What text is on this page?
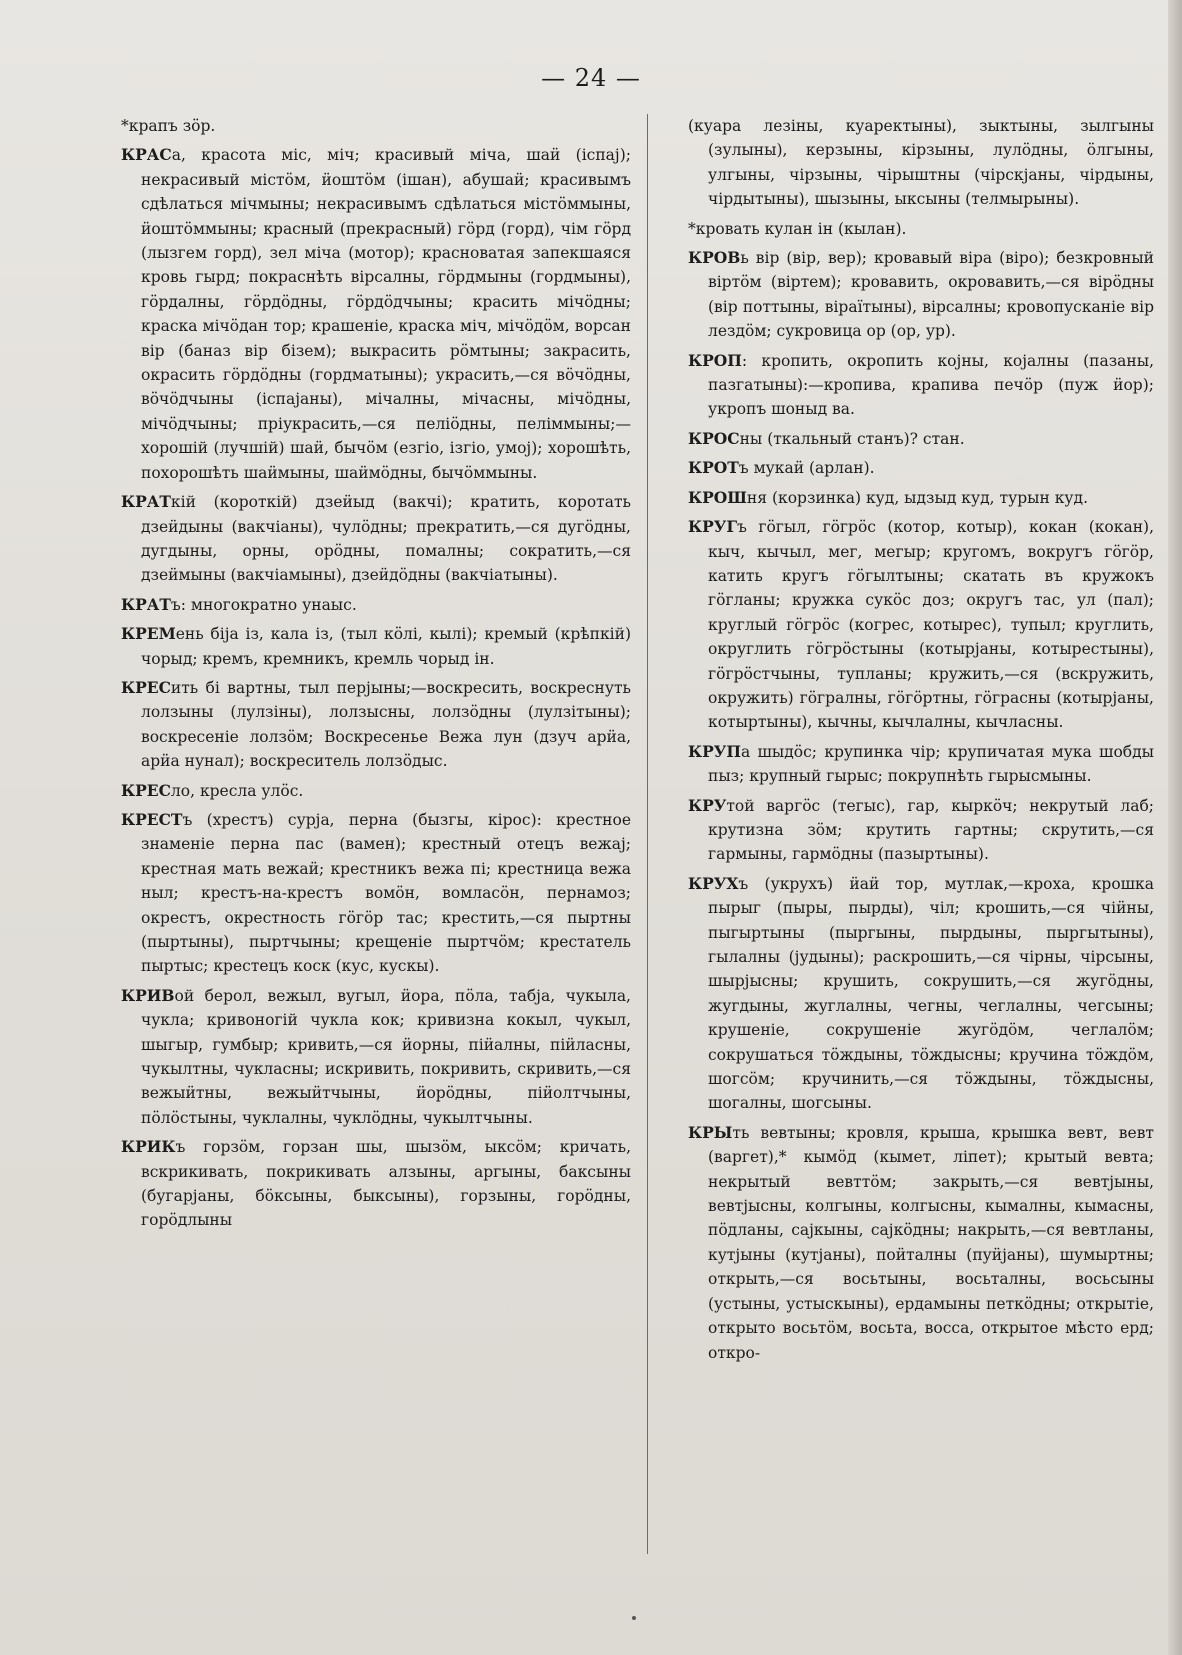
— 24 —

*крапъ зӧр.

КРАСа, красота міс, міч; красивый міча, шаӥ (іспај); некрасивый містӧм, ӥоштӧм (ішан), абушаӥ; красивымъ сдѣлаться мічмыны; некрасивымъ сдѣлаться містӧммыны, ӥоштӧммыны; красный (прекрасный) гӧрд (горд), чім гӧрд (лызгем горд), зел міча (мотор); красноватая запекшаяся кровь гырд; покраснѣть вірсалны, гӧрдмыны (гордмыны), гӧрдалны, гӧрдӧдны, гӧрдӧдчыны; красить мічӧдны; краска мічӧдан тор; крашеніе, краска міч, мічӧдӧм, ворсан вір (баназ вір бізем); выкрасить рӧмтыны; закрасить, окрасить гӧрдӧдны (гордматыны); украсить,—ся вӧчӧдны, вӧчӧдчыны (іспаjаны), мічалны, мічасны, мічӧдны, мічӧдчыны; пріукрасить,—ся пеліӧдны, пеліммыны;—хорошій (лучшій) шаӥ, бычӧм (езгіо, ізгіо, умоj); хорошѣть, похорошѣть шаӥмыны, шаӥмӧдны, бычӧммыны.

КРАТкій (короткій) дзеӥыд (вакчі); кратить, коротать дзеӥдыны (вакчіаны), чулӧдны; прекратить,—ся дугӧдны, дугдыны, орны, орӧдны, помалны; сократить,—ся дзеӥмыны (вакчіамыны), дзеӥдӧдны (вакчіатыны).

КРАТъ: многократно унаыс.

КРЕМень біjа із, кала із, (тыл кӧлі, кылі); кремый (крѣпкій) чорыд; кремъ, кремникъ, кремль чорыд ін.

КРЕСить бі вартны, тыл перjыны;—воскресить, воскреснуть лолзыны (лулзіны), лолзысны, лолзӧдны (лулзітыны); воскресеніе лолзӧм; Воскресенье Вежа лун (дзуч арӥа, арӥа нунал); воскреситель лолзӧдыс.

КРЕСло, кресла улӧс.

КРЕСТъ (хрестъ) сурjа, перна (бызгы, кірос): крестное знаменіе перна пас (вамен); крестный отецъ вежаj; крестная мать вежаӥ; крестникъ вежа пі; крестница вежа ныл; крестъ-на-крестъ вомӧн, вомласӧн, пернамоз; окрестъ, окрестность гӧгӧр тас; крестить,—ся пыртны (пыртыны), пыртчыны; крещеніе пыртчӧм; крестатель пыртыс; крестецъ коск (кус, кускы).

КРИВой берол, вежыл, вугыл, ӥора, пӧла, табjа, чукыла, чукла; кривоногій чукла кок; кривизна кокыл, чукыл, шыгыр, гумбыр; кривить,—ся ӥорны, піӥалны, піӥласны, чукылтны, чукласны; искривить, покривить, скривить,—ся вежыӥтны, вежыӥтчыны, ӥорӧдны, піӥолтчыны, пӧлӧстыны, чуклалны, чуклӧдны, чукылтчыны.

КРИКъ горзӧм, горзан шы, шызӧм, ыксӧм; кричать, вскрикивать, покрикивать алзыны, аргыны, баксыны (бугарjаны, бӧксыны, быксыны), горзыны, горӧдны, горӧдлыны

(куара лезіны, куаректыны), зыктыны, зылгыны (зулыны), керзыны, кірзыны, лулӧдны, ӧлгыны, улгыны, чірзыны, чірыштны (чірскjаны, чірдыны, чірдытыны), шызыны, ыксыны (телмырыны).

*кровать кулан ін (кылан).

КРОВь вір (вір, вер); кровавый віра (віро); безкровный віртӧм (віртем); кровавить, окровавить,—ся вірӧдны (вір поттыны, віраїтыны), вірсалны; кровопусканіе вір лездӧм; сукровица ор (ор, ур).

КРОП: кропить, окропить коjны, коjалны (пазаны, пазгатыны):—кропива, крапива печӧр (пуж ӥор); укропъ шоныд ва.

КРОСны (ткальный станъ)? стан.

КРОТъ мукаӥ (арлан).

КРОШня (корзинка) куд, ыдзыд куд, турын куд.

КРУГъ гӧгыл, гӧгрӧс (котор, котыр), кокан (кокан), кыч, кычыл, мег, мегыр; кругомъ, вокругъ гӧгӧр, катить кругъ гӧгылтыны; скатать въ кружокъ гӧгланы; кружка сукӧс доз; округъ тас, ул (пал); круглый гӧгрӧс (когрес, котырес), тупыл; круглить, округлить гӧгрӧстыны (котырjаны, котырестыны), гӧгрӧстчыны, тупланы; кружить,—ся (вскружить, окружить) гӧгралны, гӧгӧртны, гӧграсны (котырjаны, котыртыны), кычны, кычлалны, кычласны.

КРУПа шыдӧс; крупинка чір; крупичатая мука шобды пыз; крупный гырыс; покрупнѣть гырысмыны.

КРУтой варгӧс (тегыс), гар, кыркӧч; некрутый лаб; крутизна зӧм; крутить гартны; скрутить,—ся гармыны, гармӧдны (пазыртыны).

КРУХъ (укрухъ) ӥаӥ тор, мутлак,—кроха, крошка пырыг (пыры, пырды), чіл; крошить,—ся чіӥны, пыгыртыны (пыргыны, пырдыны, пыргытыны), гылалны (јудыны); раскрошить,—ся чірны, чірсыны, шырjысны; крушить, сокрушить,—ся жугӧдны, жугдыны, жуглалны, чегны, чеглалны, чегсыны; крушеніе, сокрушеніе жугӧдӧм, чеглалӧм; сокрушаться тӧждыны, тӧждысны; кручина тӧждӧм, шогсӧм; кручинить,—ся тӧждыны, тӧждысны, шогалны, шогсыны.

КРЫть вевтыны; кровля, крыша, крышка вевт, вевт (варгет),* кымӧд (кымет, ліпет); крытый вевта; некрытый вевттӧм; закрыть,—ся вевтjыны, вевтjысны, колгыны, колгысны, кымалны, кымасны, пӧдланы, сајкыны, сајкӧдны; накрыть,—ся вевтланы, кутjыны (кутjаны), поӥталны (пуӥjаны), шумыртны; открыть,—ся восьтыны, восьталны, восьсыны (устыны, устыскыны), ердамыны петкӧдны; открытіе, открыто восьтӧм, восьта, восса, открытое мѣсто ерд; откро-
